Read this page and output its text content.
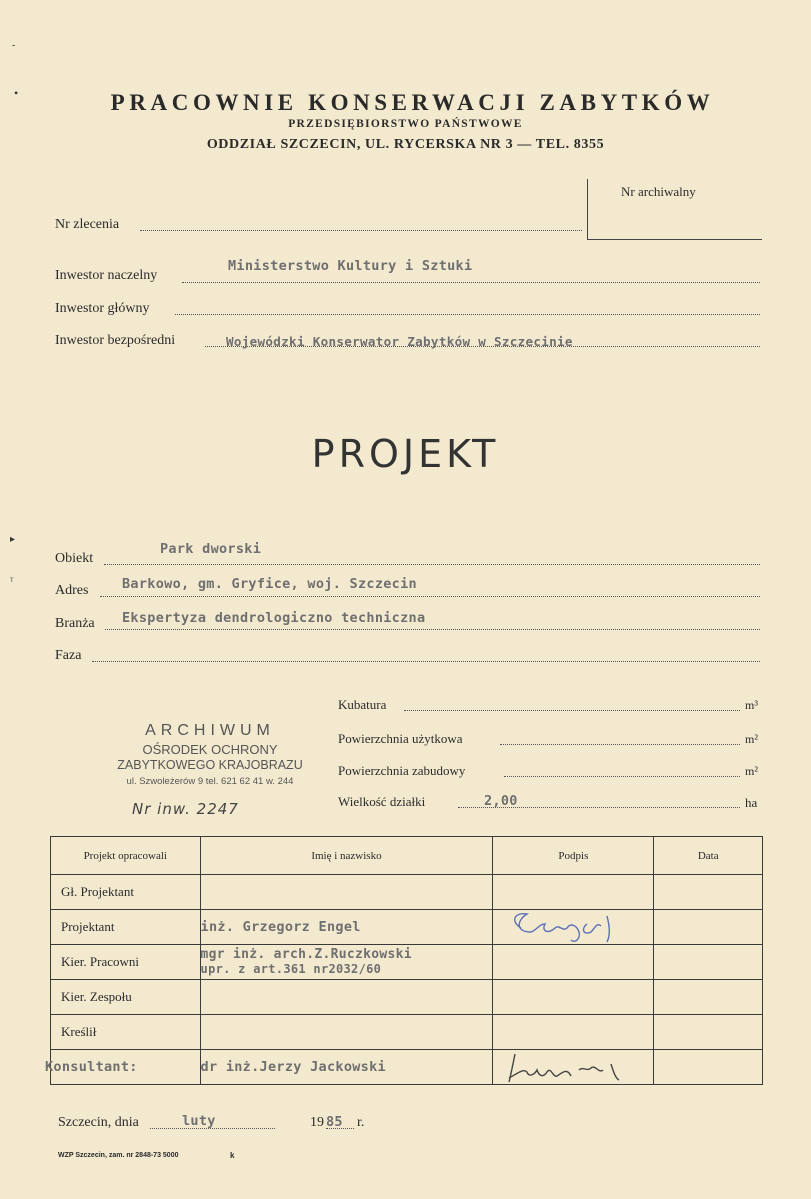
-
•
▸
ᵀ
PRACOWNIE KONSERWACJI ZABYTKÓW
PRZEDSIĘBIORSTWO PAŃSTWOWE
ODDZIAŁ SZCZECIN, UL. RYCERSKA NR 3 — TEL. 8355
Nr archiwalny
Nr zlecenia
Inwestor naczelny
Ministerstwo Kultury i Sztuki
Inwestor główny
Inwestor bezpośredni	Wojewódzki Konserwator Zabytków w Szczecinie
PROJEKT
Obiekt
Park dworski
Adres Barkowo, gm. Gryfice, woj. Szczecin
Branża Ekspertyza dendrologiczno techniczna
Faza
ARCHIWUM
OŚRODEK OCHRONY
ZABYTKOWEGO KRAJOBRAZU
ul. Szwoleżerów 9 tel. 621 62 41 w. 244
Nr inw. 2247
Kubatura	m³
Powierzchnia użytkowa	m²
Powierzchnia zabudowy	m²
Wielkość działki	2,00	ha
Projekt opracowali	Imię i nazwisko	Podpis	Data
Gł. Projektant			
Projektant	inż. Grzegorz Engel	

Kier. Pracowni	mgr inż. arch.Z.Ruczkowski
upr. z art.361 nr2032/60		

Kier. Zespołu			
Kreślił			
Konsultant:	dr inż.Jerzy Jackowski	

Szczecin, dnia	luty	19 85 r.
WZP Szczecin, zam. nr 2848-73 5000	k
